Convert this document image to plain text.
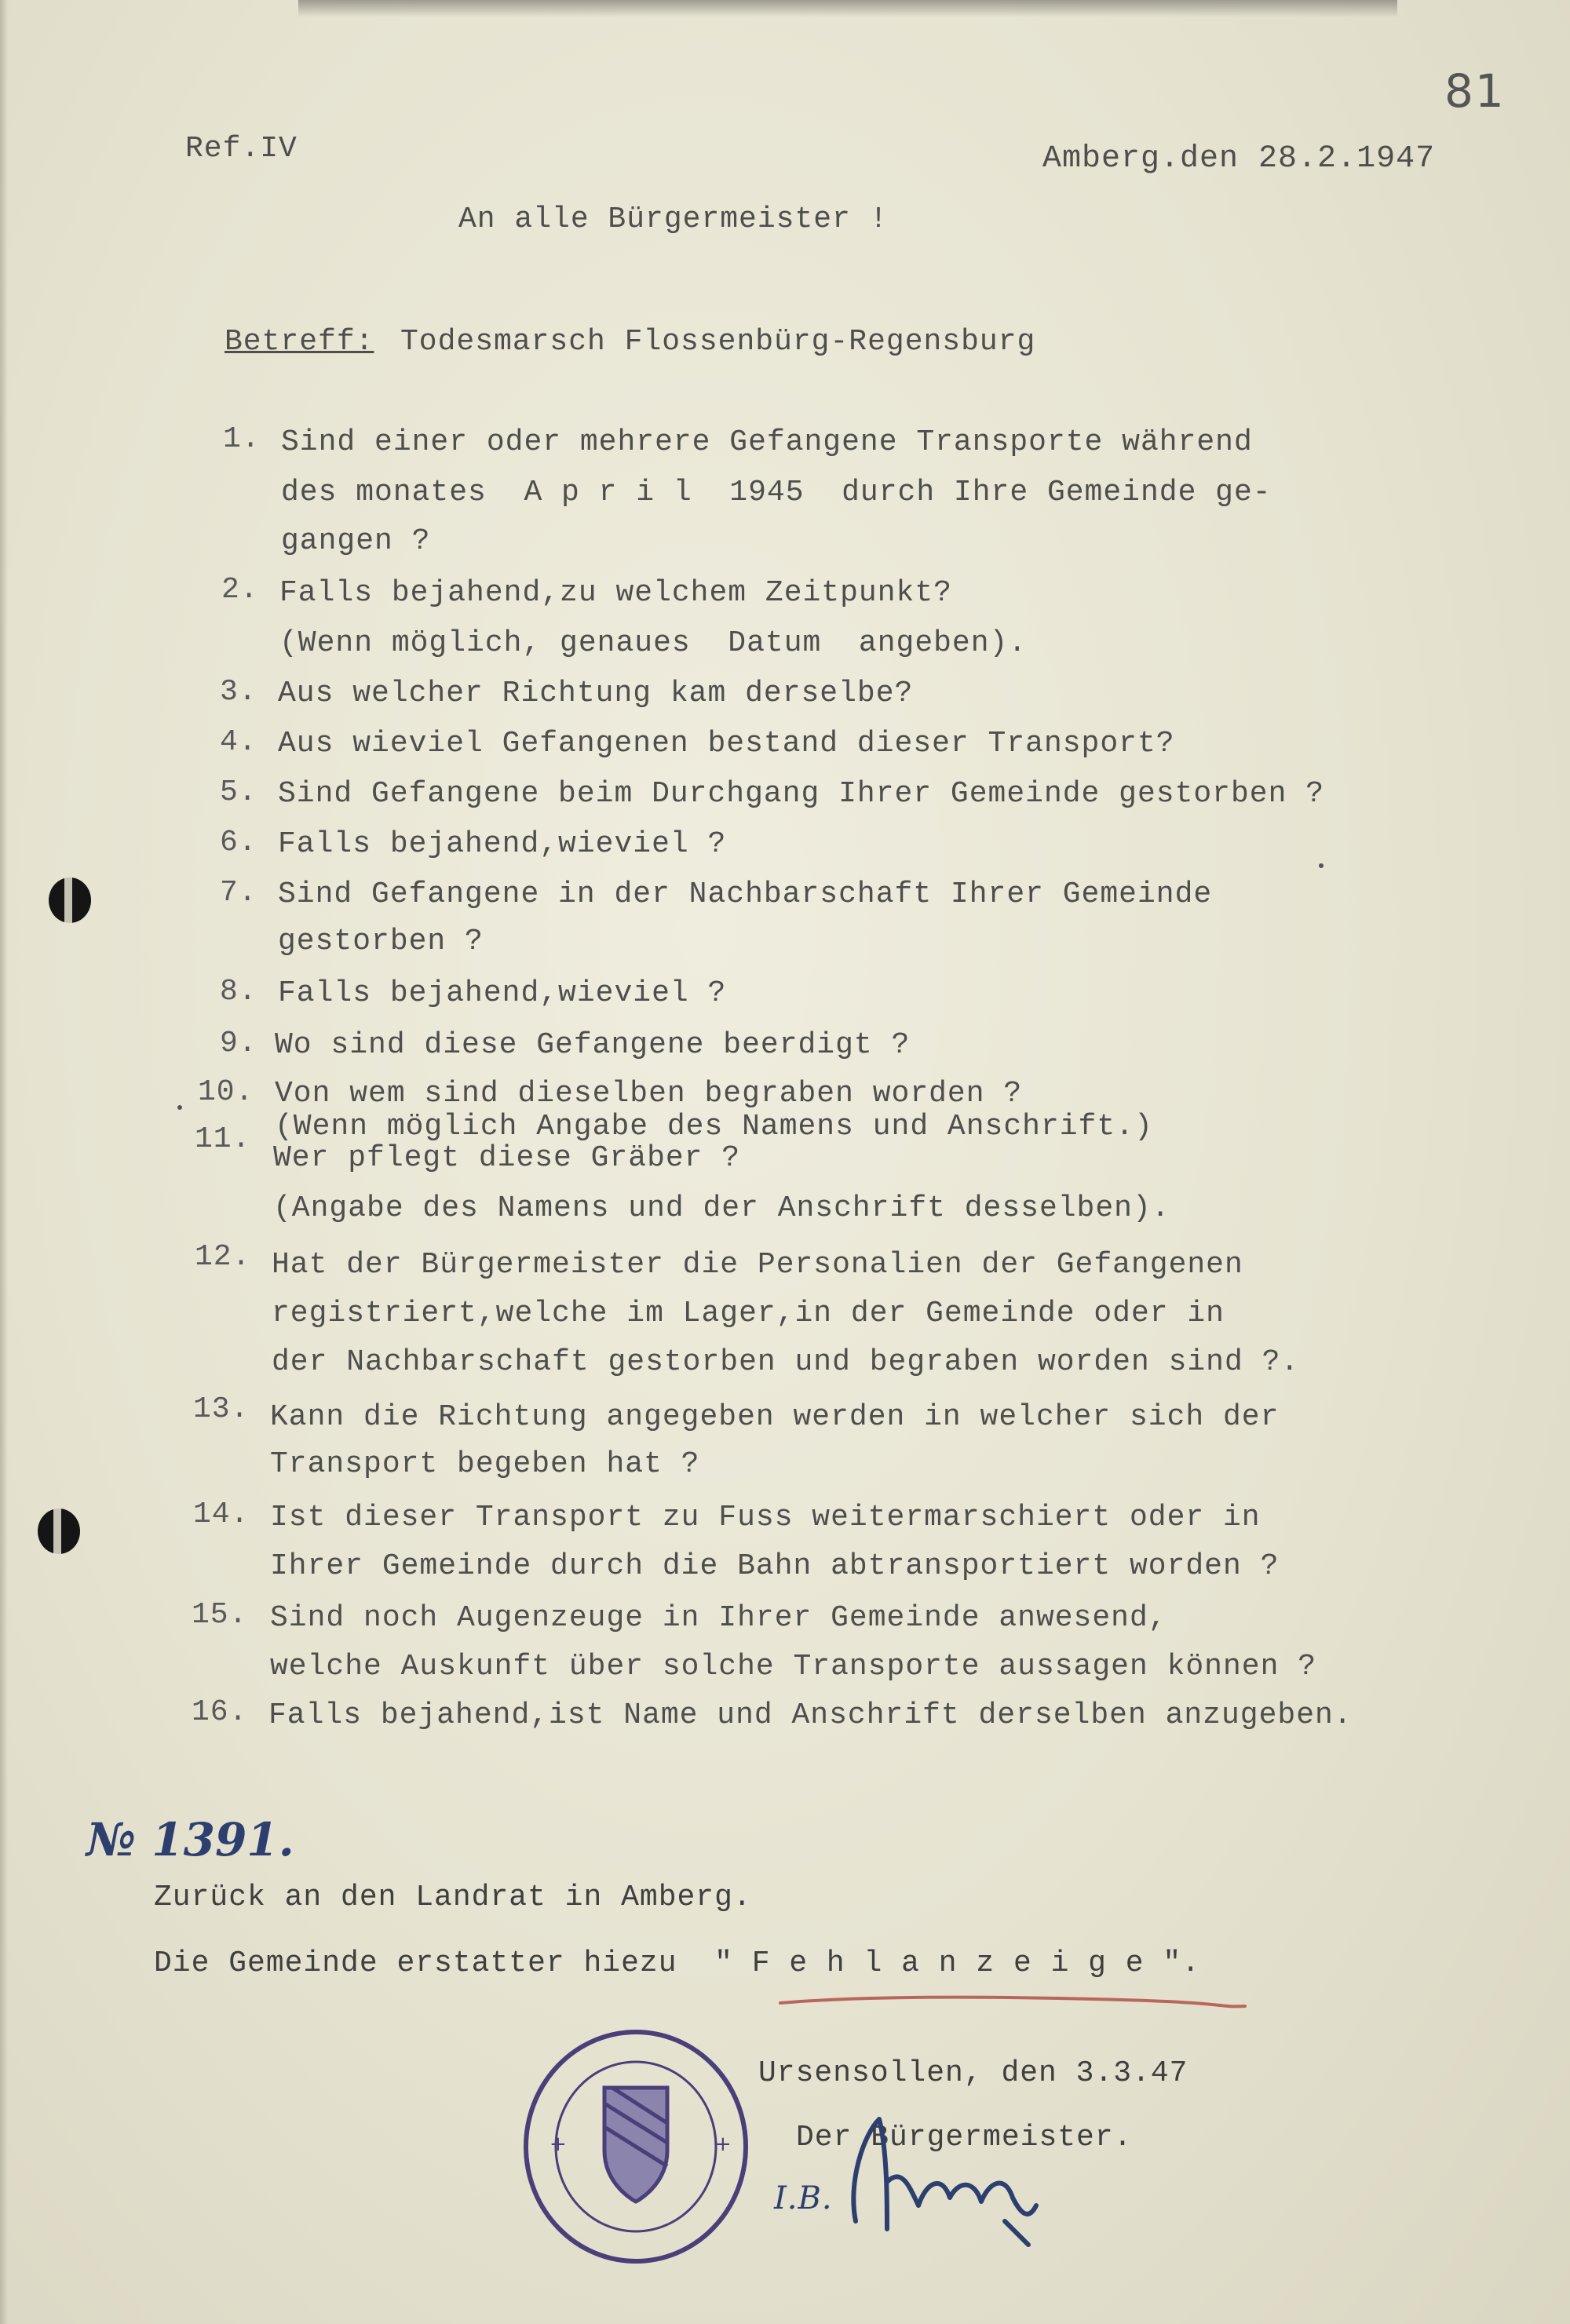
81
Ref.IV	Amberg.den 28.2.1947
An alle Bürgermeister !
Betreff: Todesmarsch Flossenbürg-Regensburg
1. Sind einer oder mehrere Gefangene Transporte während
des monates  A p r i l  1945  durch Ihre Gemeinde ge-
gangen ?
2. Falls bejahend,zu welchem Zeitpunkt?
(Wenn möglich, genaues  Datum  angeben).
3. Aus welcher Richtung kam derselbe?
4. Aus wieviel Gefangenen bestand dieser Transport?
5. Sind Gefangene beim Durchgang Ihrer Gemeinde gestorben ?
6. Falls bejahend,wieviel ?
7. Sind Gefangene in der Nachbarschaft Ihrer Gemeinde
gestorben ?
8. Falls bejahend,wieviel ?
9. Wo sind diese Gefangene beerdigt ?
10. Von wem sind dieselben begraben worden ?
(Wenn möglich Angabe des Namens und Anschrift.)
11.
Wer pflegt diese Gräber ?
(Angabe des Namens und der Anschrift desselben).
12. Hat der Bürgermeister die Personalien der Gefangenen
registriert,welche im Lager,in der Gemeinde oder in
der Nachbarschaft gestorben und begraben worden sind ?.
13. Kann die Richtung angegeben werden in welcher sich der
Transport begeben hat ?
14. Ist dieser Transport zu Fuss weitermarschiert oder in
Ihrer Gemeinde durch die Bahn abtransportiert worden ?
15. Sind noch Augenzeuge in Ihrer Gemeinde anwesend,
welche Auskunft über solche Transporte aussagen können ?
16. Falls bejahend,ist Name und Anschrift derselben anzugeben.
№ 1391.
Zurück an den Landrat in Amberg.
Die Gemeinde erstatter hiezu  " F e h l a n z e i g e ".
Ursensollen, den 3.3.47
Der Bürgermeister.
I.B.
+	+
